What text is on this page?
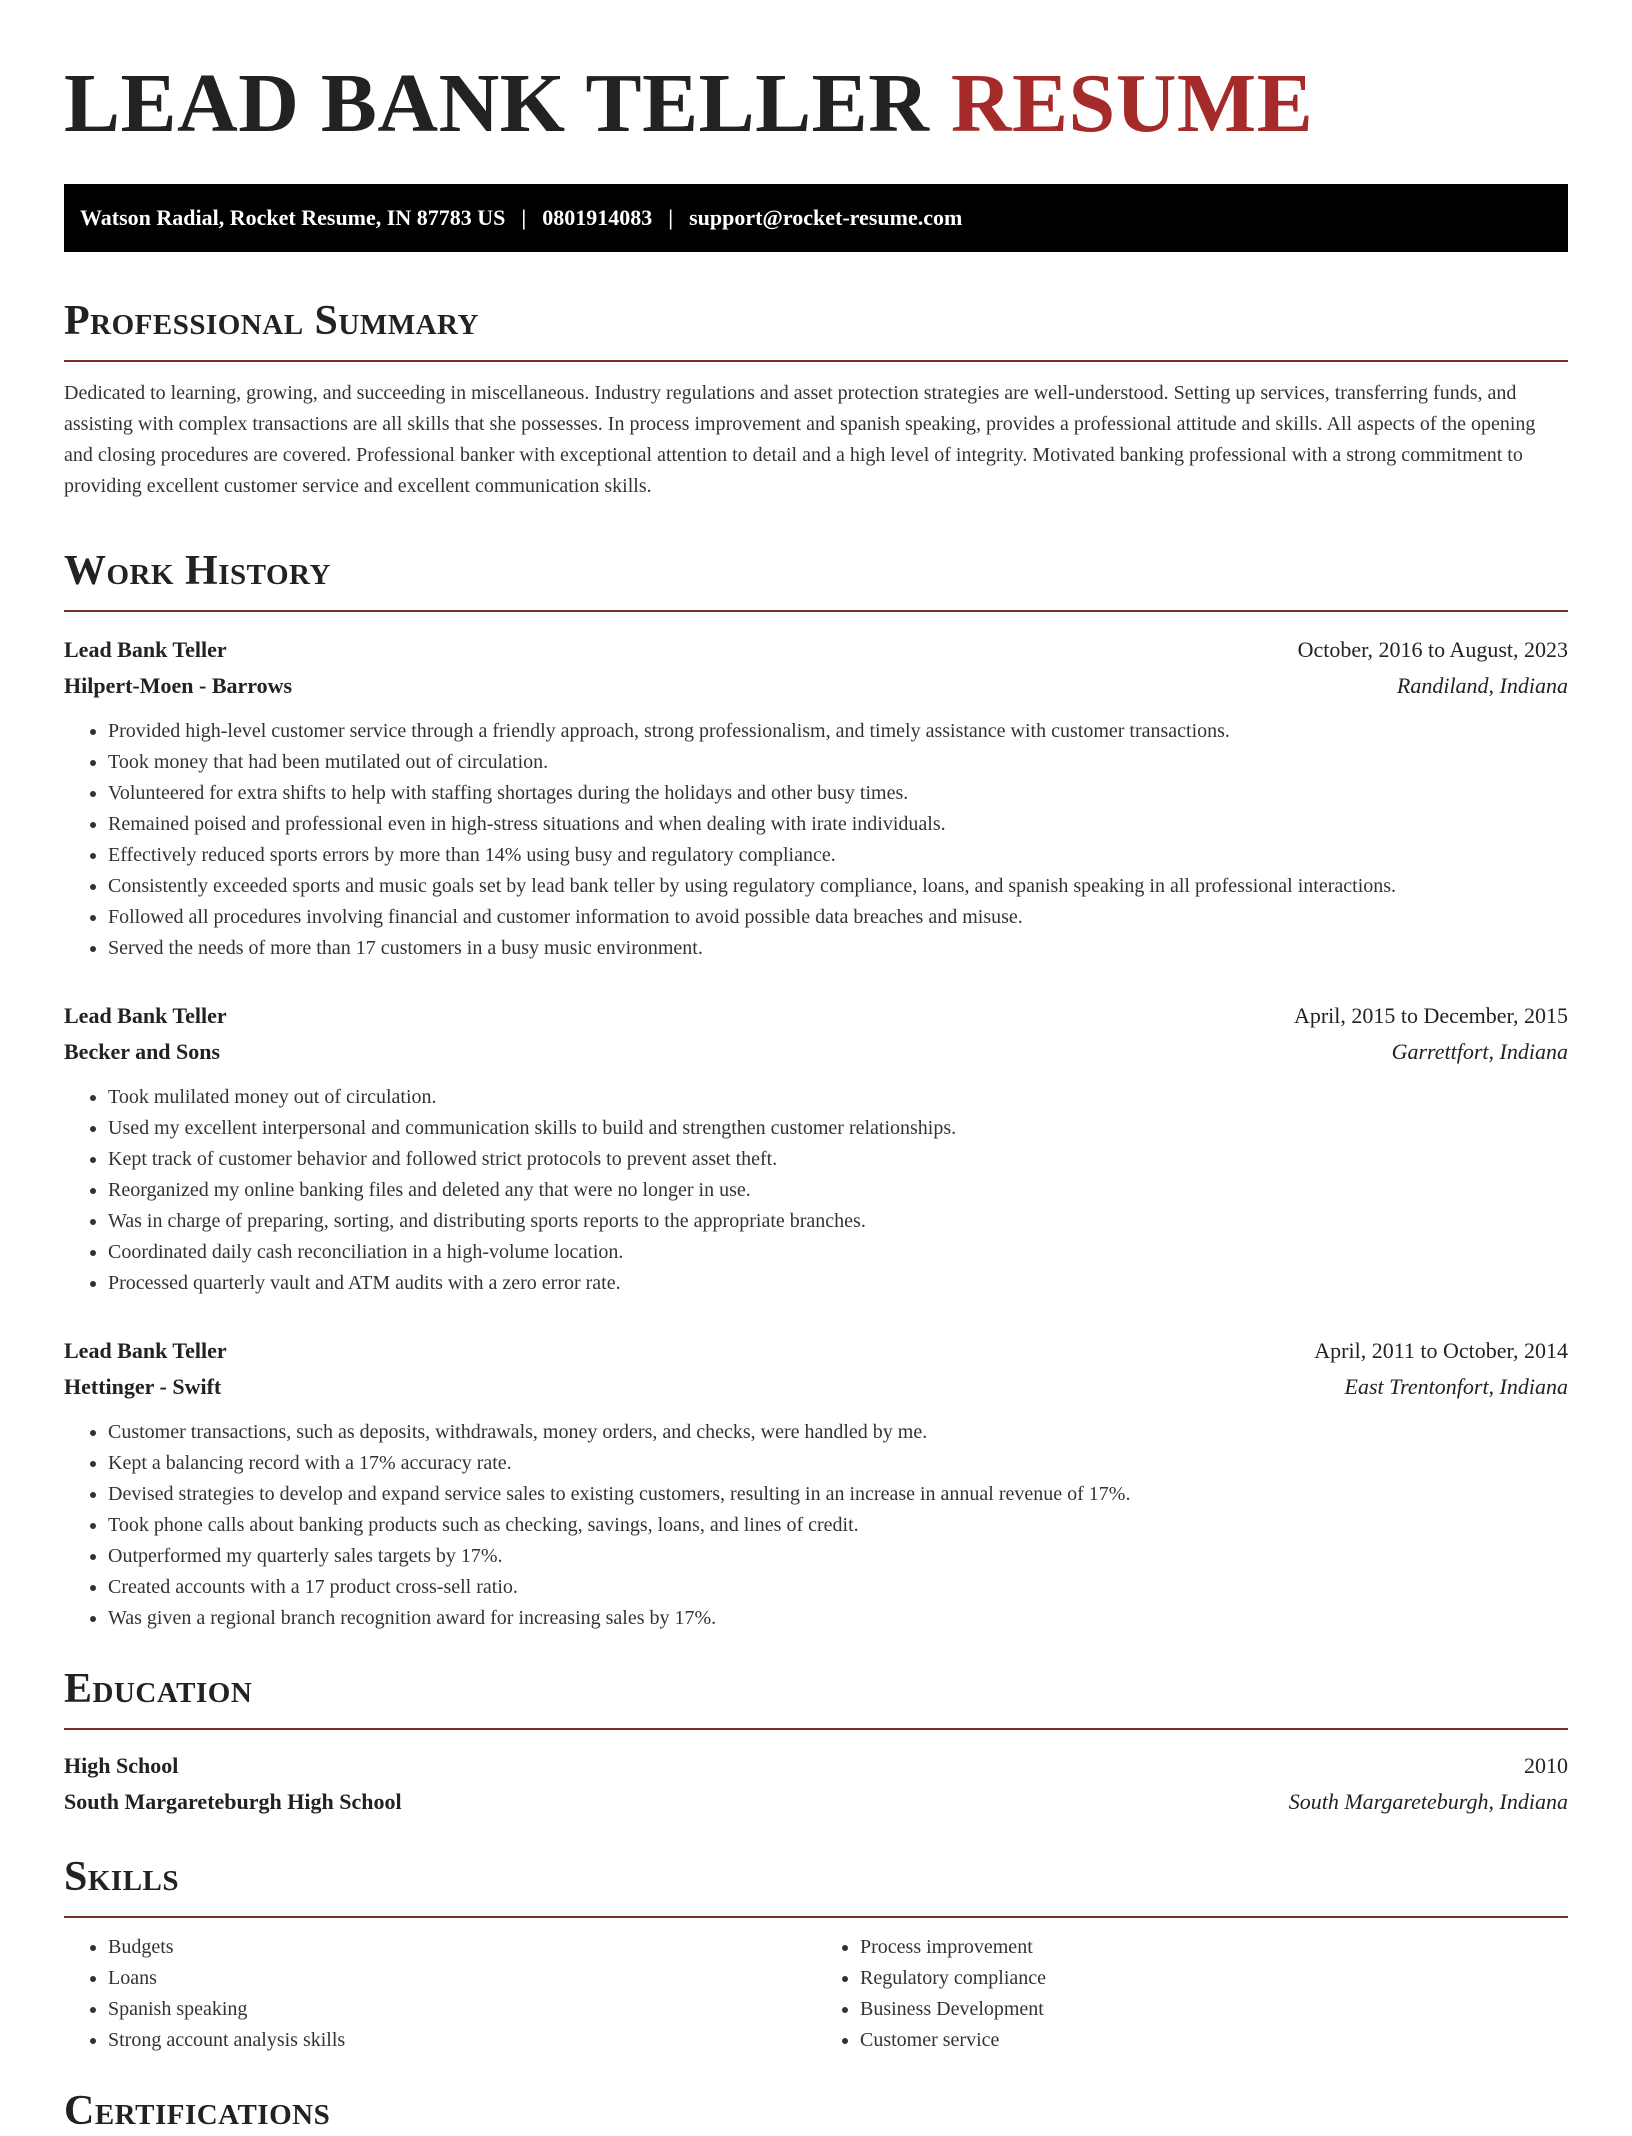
LEAD BANK TELLER RESUME
Watson Radial, Rocket Resume, IN 87783 US | 0801914083 | support@rocket-resume.com
Professional Summary
Dedicated to learning, growing, and succeeding in miscellaneous. Industry regulations and asset protection strategies are well-understood. Setting up services, transferring funds, and assisting with complex transactions are all skills that she possesses. In process improvement and spanish speaking, provides a professional attitude and skills. All aspects of the opening and closing procedures are covered. Professional banker with exceptional attention to detail and a high level of integrity. Motivated banking professional with a strong commitment to providing excellent customer service and excellent communication skills.
Work History
Lead Bank Teller	October, 2016 to August, 2023
Hilpert-Moen - Barrows	Randiland, Indiana
• Provided high-level customer service through a friendly approach, strong professionalism, and timely assistance with customer transactions.
• Took money that had been mutilated out of circulation.
• Volunteered for extra shifts to help with staffing shortages during the holidays and other busy times.
• Remained poised and professional even in high-stress situations and when dealing with irate individuals.
• Effectively reduced sports errors by more than 14% using busy and regulatory compliance.
• Consistently exceeded sports and music goals set by lead bank teller by using regulatory compliance, loans, and spanish speaking in all professional interactions.
• Followed all procedures involving financial and customer information to avoid possible data breaches and misuse.
• Served the needs of more than 17 customers in a busy music environment.
Lead Bank Teller	April, 2015 to December, 2015
Becker and Sons	Garrettfort, Indiana
• Took mulilated money out of circulation.
• Used my excellent interpersonal and communication skills to build and strengthen customer relationships.
• Kept track of customer behavior and followed strict protocols to prevent asset theft.
• Reorganized my online banking files and deleted any that were no longer in use.
• Was in charge of preparing, sorting, and distributing sports reports to the appropriate branches.
• Coordinated daily cash reconciliation in a high-volume location.
• Processed quarterly vault and ATM audits with a zero error rate.
Lead Bank Teller	April, 2011 to October, 2014
Hettinger - Swift	East Trentonfort, Indiana
• Customer transactions, such as deposits, withdrawals, money orders, and checks, were handled by me.
• Kept a balancing record with a 17% accuracy rate.
• Devised strategies to develop and expand service sales to existing customers, resulting in an increase in annual revenue of 17%.
• Took phone calls about banking products such as checking, savings, loans, and lines of credit.
• Outperformed my quarterly sales targets by 17%.
• Created accounts with a 17 product cross-sell ratio.
• Was given a regional branch recognition award for increasing sales by 17%.
Education
High School	2010
South Margareteburgh High School	South Margareteburgh, Indiana
Skills
• Budgets
• Loans
• Spanish speaking
• Strong account analysis skills
• Process improvement
• Regulatory compliance
• Business Development
• Customer service
Certifications
